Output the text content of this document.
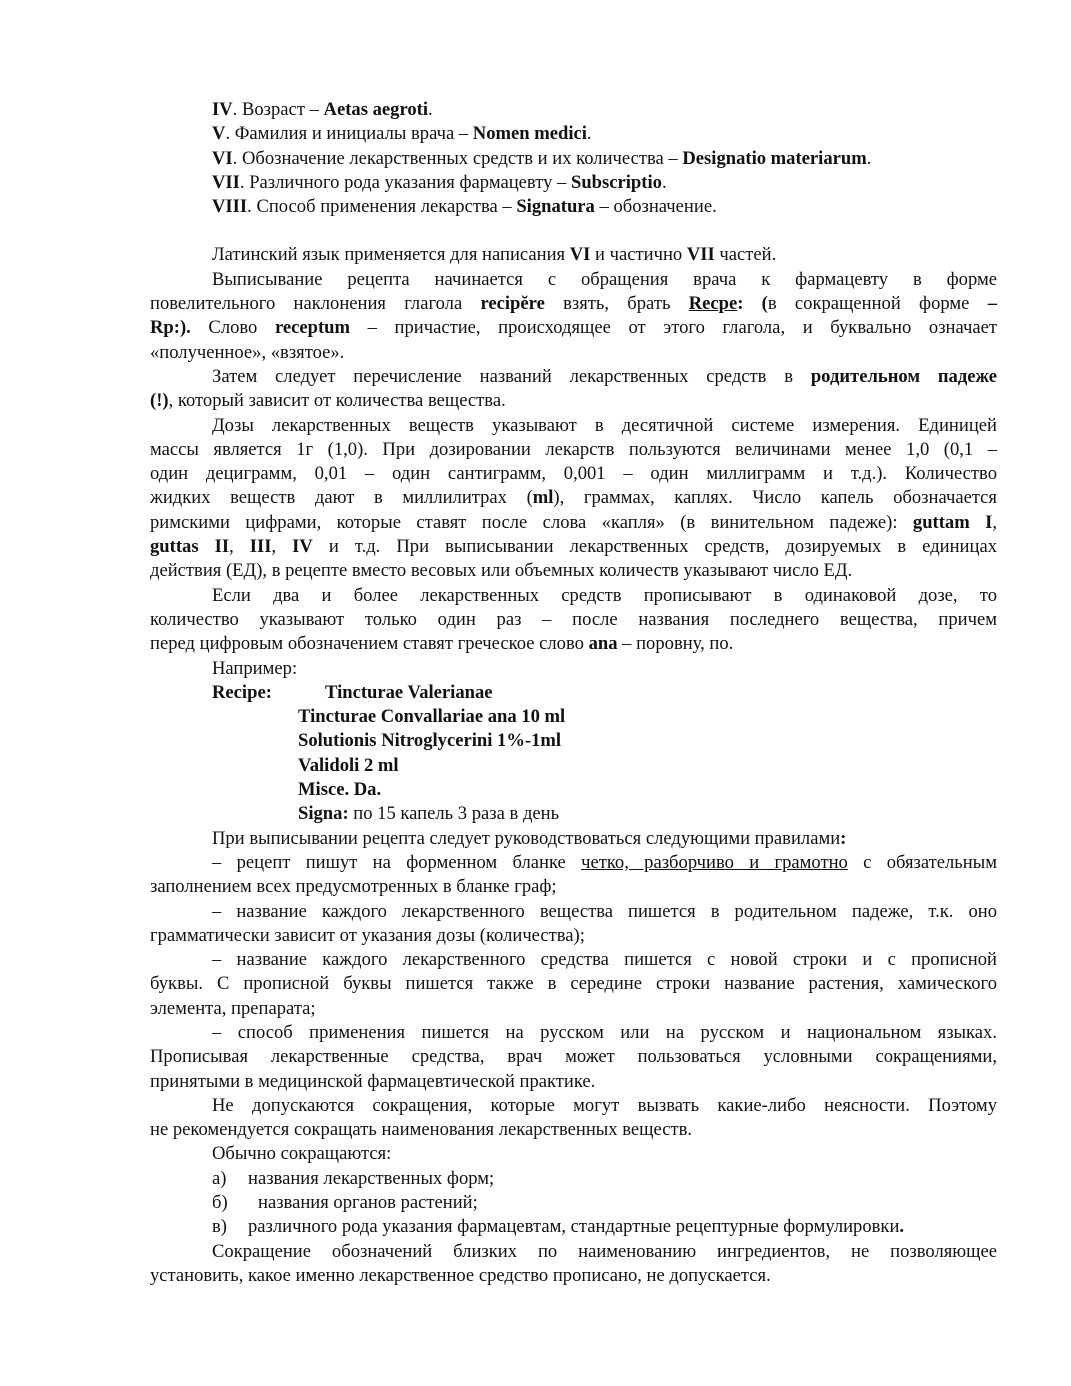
IV. Возраст – Aetas aegroti.
V. Фамилия и инициалы врача – Nomen medici.
VI. Обозначение лекарственных средств и их количества – Designatio materiarum.
VII. Различного рода указания фармацевту – Subscriptio.
VIII. Способ применения лекарства – Signatura – обозначение.
Латинский язык применяется для написания VI и частично VII частей.
Выписывание рецепта начинается с обращения врача к фармацевту в форме
повелительного наклонения глагола recipĕre взять, брать Recpe: (в сокращенной форме –
Rp:). Слово receptum – причастие, происходящее от этого глагола, и буквально означает
«полученное», «взятое».
Затем следует перечисление названий лекарственных средств в родительном падеже
(!), который зависит от количества вещества.
Дозы лекарственных веществ указывают в десятичной системе измерения. Единицей
массы является 1г (1,0). При дозировании лекарств пользуются величинами менее 1,0 (0,1 –
один дециграмм, 0,01 – один сантиграмм, 0,001 – один миллиграмм и т.д.). Количество
жидких веществ дают в миллилитрах (ml), граммах, каплях. Число капель обозначается
римскими цифрами, которые ставят после слова «капля» (в винительном падеже): guttam I,
guttas II, III, IV и т.д. При выписывании лекарственных средств, дозируемых в единицах
действия (ЕД), в рецепте вместо весовых или объемных количеств указывают число ЕД.
Если два и более лекарственных средств прописывают в одинаковой дозе, то
количество указывают только один раз – после названия последнего вещества, причем
перед цифровым обозначением ставят греческое слово ana – поровну, по.
Например:
Recipe:	Tincturae Valerianae
Tincturae Convallariae ana 10 ml
Solutionis Nitroglycerini 1%-1ml
Validoli 2 ml
Misce. Da.
Signa: по 15 капель 3 раза в день
При выписывании рецепта следует руководствоваться следующими правилами:
– рецепт пишут на форменном бланке четко, разборчиво и грамотно с обязательным
заполнением всех предусмотренных в бланке граф;
– название каждого лекарственного вещества пишется в родительном падеже, т.к. оно
грамматически зависит от указания дозы (количества);
– название каждого лекарственного средства пишется с новой строки и с прописной
буквы. С прописной буквы пишется также в середине строки название растения, хамического
элемента, препарата;
– способ применения пишется на русском или на русском и национальном языках.
Прописывая лекарственные средства, врач может пользоваться условными сокращениями,
принятыми в медицинской фармацевтической практике.
Не допускаются сокращения, которые могут вызвать какие-либо неясности. Поэтому
не рекомендуется сокращать наименования лекарственных веществ.
Обычно сокращаются:
а) названия лекарственных форм;
б) названия органов растений;
в) различного рода указания фармацевтам, стандартные рецептурные формулировки.
Сокращение обозначений близких по наименованию ингредиентов, не позволяющее
установить, какое именно лекарственное средство прописано, не допускается.
